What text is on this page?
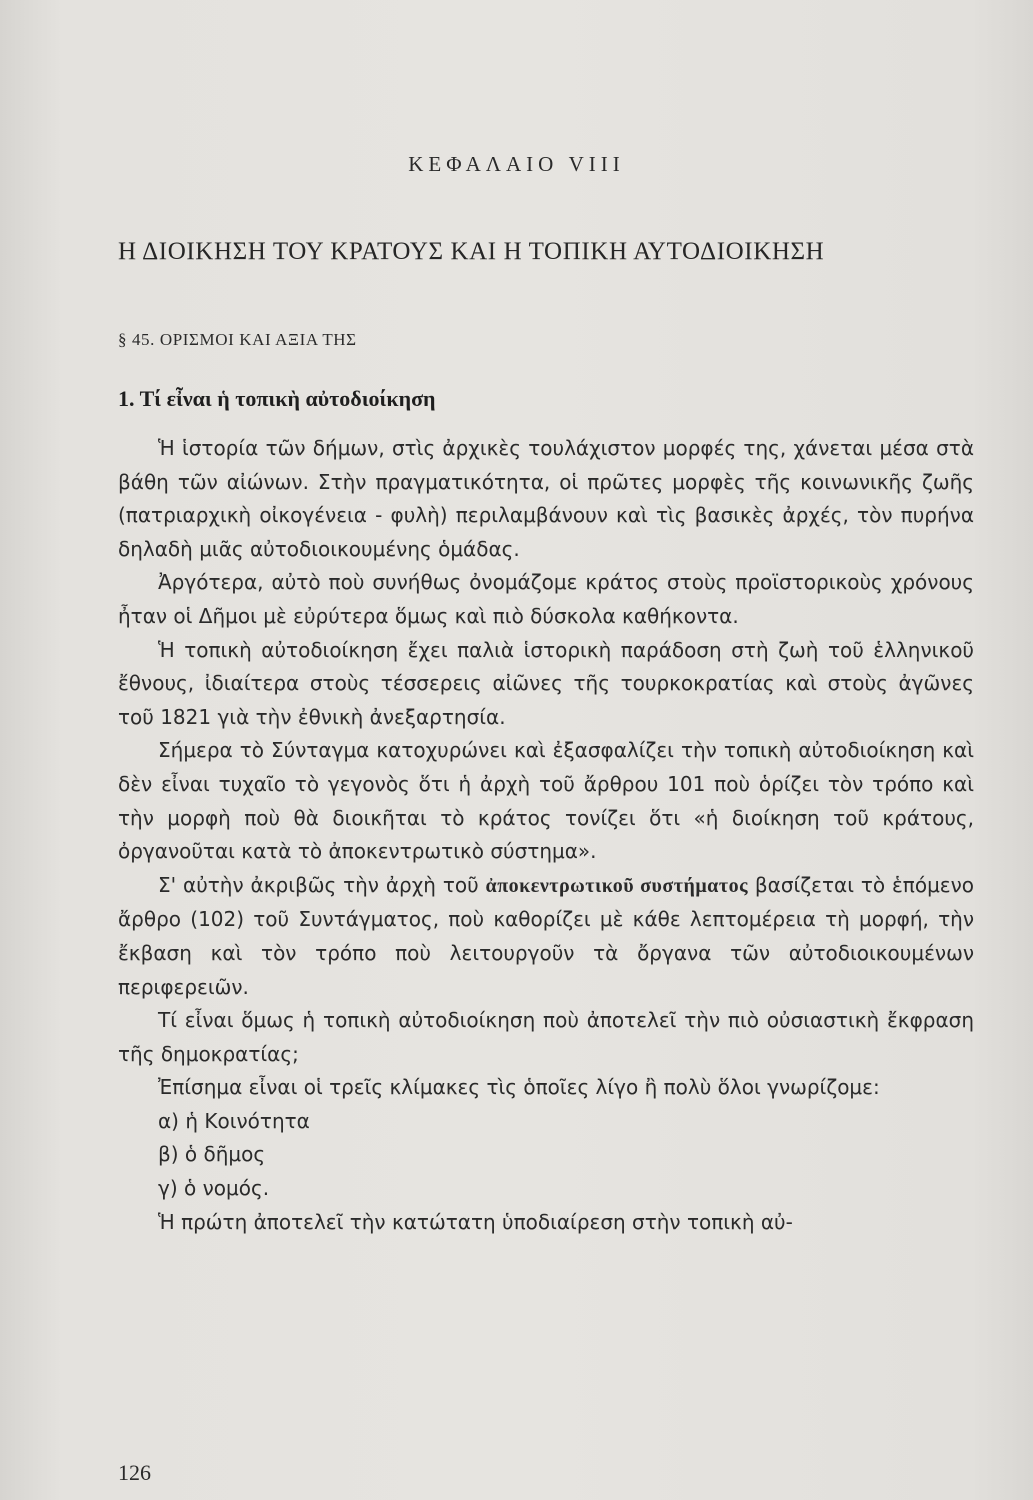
ΚΕΦΑΛΑΙΟ VIII
Η ΔΙΟΙΚΗΣΗ ΤΟΥ ΚΡΑΤΟΥΣ ΚΑΙ Η ΤΟΠΙΚΗ ΑΥΤΟΔΙΟΙΚΗΣΗ
§ 45. ΟΡΙΣΜΟΙ ΚΑΙ ΑΞΙΑ ΤΗΣ
1. Τί εἶναι ἡ τοπικὴ αὐτοδιοίκηση

Ἡ ἱστορία τῶν δήμων, στὶς ἀρχικὲς τουλάχιστον μορφές της, χάνεται μέσα στὰ βάθη τῶν αἰώνων. Στὴν πραγματικότητα, οἱ πρῶτες μορφὲς τῆς κοινωνικῆς ζωῆς (πατριαρχικὴ οἰκογένεια - φυλὴ) περιλαμβάνουν καὶ τὶς βασικὲς ἀρχές, τὸν πυρήνα δηλαδὴ μιᾶς αὐτοδιοικουμένης ὁμάδας.

Ἀργότερα, αὐτὸ ποὺ συνήθως ὀνομάζομε κράτος στοὺς προϊστορικοὺς χρόνους ἦταν οἱ Δῆμοι μὲ εὐρύτερα ὅμως καὶ πιὸ δύσκολα καθήκοντα.

Ἡ τοπικὴ αὐτοδιοίκηση ἔχει παλιὰ ἱστορικὴ παράδοση στὴ ζωὴ τοῦ ἑλληνικοῦ ἔθνους, ἰδιαίτερα στοὺς τέσσερεις αἰῶνες τῆς τουρκοκρατίας καὶ στοὺς ἀγῶνες τοῦ 1821 γιὰ τὴν ἐθνικὴ ἀνεξαρτησία.

Σήμερα τὸ Σύνταγμα κατοχυρώνει καὶ ἐξασφαλίζει τὴν τοπικὴ αὐτοδιοίκηση καὶ δὲν εἶναι τυχαῖο τὸ γεγονὸς ὅτι ἡ ἀρχὴ τοῦ ἄρθρου 101 ποὺ ὁρίζει τὸν τρόπο καὶ τὴν μορφὴ ποὺ θὰ διοικῆται τὸ κράτος τονίζει ὅτι «ἡ διοίκηση τοῦ κράτους, ὀργανοῦται κατὰ τὸ ἀποκεντρωτικὸ σύστημα».

Σ' αὐτὴν ἀκριβῶς τὴν ἀρχὴ τοῦ ἀποκεντρωτικοῦ συστήματος βασίζεται τὸ ἑπόμενο ἄρθρο (102) τοῦ Συντάγματος, ποὺ καθορίζει μὲ κάθε λεπτομέρεια τὴ μορφή, τὴν ἔκβαση καὶ τὸν τρόπο ποὺ λειτουργοῦν τὰ ὄργανα τῶν αὐτοδιοικουμένων περιφερειῶν.

Τί εἶναι ὅμως ἡ τοπικὴ αὐτοδιοίκηση ποὺ ἀποτελεῖ τὴν πιὸ οὐσιαστικὴ ἔκφραση τῆς δημοκρατίας;

Ἐπίσημα εἶναι οἱ τρεῖς κλίμακες τὶς ὁποῖες λίγο ἢ πολὺ ὅλοι γνωρίζομε:

α) ἡ Κοινότητα

β) ὁ δῆμος

γ) ὁ νομός.

Ἡ πρώτη ἀποτελεῖ τὴν κατώτατη ὑποδιαίρεση στὴν τοπικὴ αὐ-

126
